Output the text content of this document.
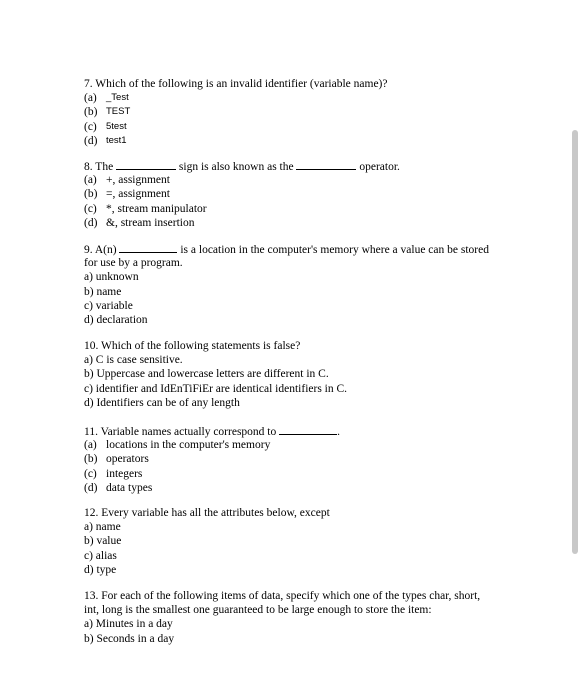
7. Which of the following is an invalid identifier (variable name)?
(a) _Test
(b) TEST
(c) 5test
(d) test1
8. The	sign is also known as the	operator.
(a) +, assignment
(b) =, assignment
(c) *, stream manipulator
(d) &, stream insertion
9. A(n)	is a location in the computer's memory where a value can be stored
for use by a program.
a) unknown
b) name
c) variable
d) declaration
10. Which of the following statements is false?
a) C is case sensitive.
b) Uppercase and lowercase letters are different in C.
c) identifier and IdEnTiFiEr are identical identifiers in C.
d) Identifiers can be of any length
11. Variable names actually correspond to	.
(a) locations in the computer's memory
(b) operators
(c) integers
(d) data types
12. Every variable has all the attributes below, except
a) name
b) value
c) alias
d) type
13. For each of the following items of data, specify which one of the types char, short,
int, long is the smallest one guaranteed to be large enough to store the item:
a) Minutes in a day
b) Seconds in a day
